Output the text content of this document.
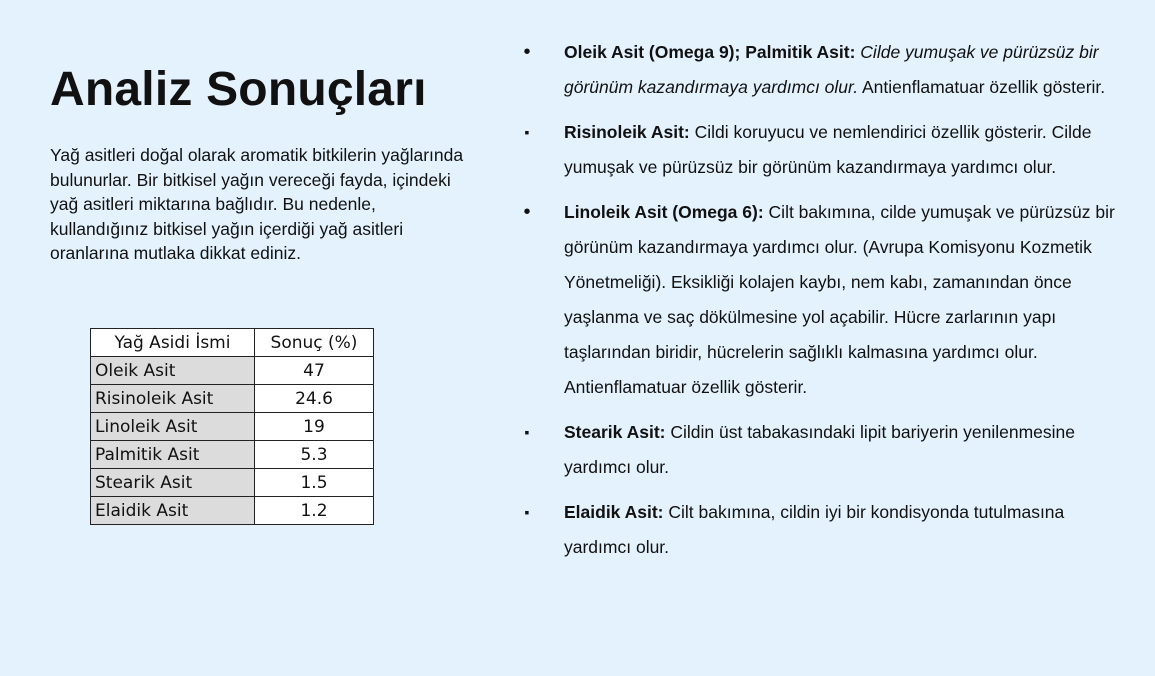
Analiz Sonuçları

Yağ asitleri doğal olarak aromatik bitkilerin yağlarında bulunurlar. Bir bitkisel yağın vereceği fayda, içindeki yağ asitleri miktarına bağlıdır. Bu nedenle, kullandığınız bitkisel yağın içerdiği yağ asitleri oranlarına mutlaka dikkat ediniz.

Yağ Asidi İsmi	Sonuç (%)
Oleik Asit	47
Risinoleik Asit	24.6
Linoleik Asit	19
Palmitik Asit	5.3
Stearik Asit	1.5
Elaidik Asit	1.2
• Oleik Asit (Omega 9); Palmitik Asit: Cilde yumuşak ve pürüzsüz bir görünüm kazandırmaya yardımcı olur. Antienflamatuar özellik gösterir.
▪ Risinoleik Asit: Cildi koruyucu ve nemlendirici özellik gösterir. Cilde yumuşak ve pürüzsüz bir görünüm kazandırmaya yardımcı olur.
• Linoleik Asit (Omega 6): Cilt bakımına, cilde yumuşak ve pürüzsüz bir görünüm kazandırmaya yardımcı olur. (Avrupa Komisyonu Kozmetik Yönetmeliği). Eksikliği kolajen kaybı, nem kabı, zamanından önce yaşlanma ve saç dökülmesine yol açabilir. Hücre zarlarının yapı taşlarından biridir, hücrelerin sağlıklı kalmasına yardımcı olur. Antienflamatuar özellik gösterir.
▪ Stearik Asit: Cildin üst tabakasındaki lipit bariyerin yenilenmesine yardımcı olur.
▪ Elaidik Asit: Cilt bakımına, cildin iyi bir kondisyonda tutulmasına yardımcı olur.
